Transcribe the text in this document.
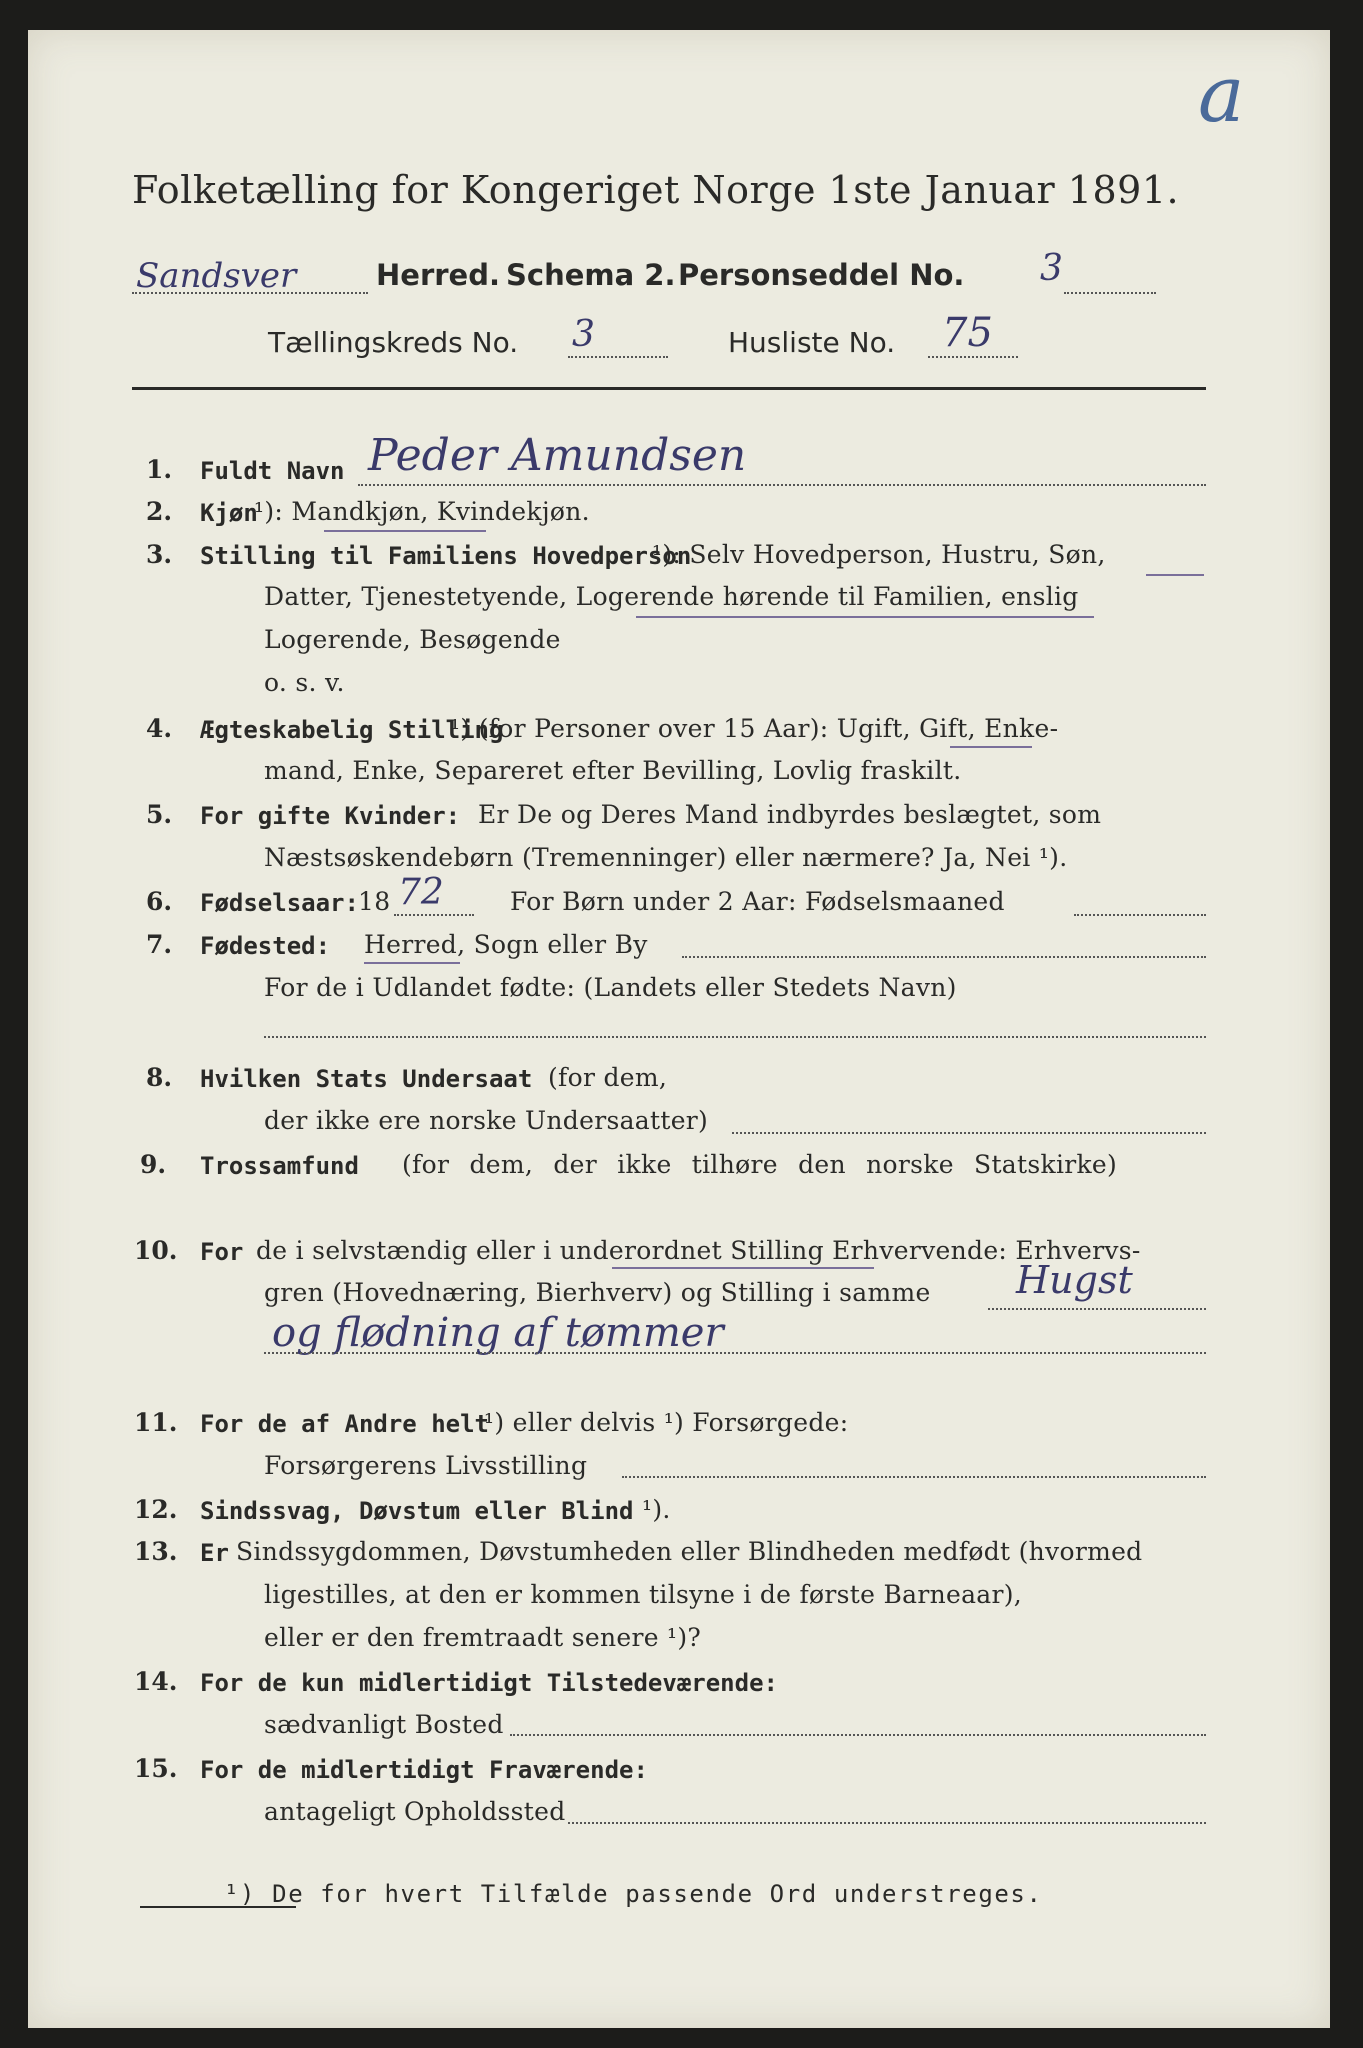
a
Folketælling for Kongeriget Norge 1ste Januar 1891.
Sandsver	Herred. Schema 2. Personseddel No. 3
Tællingskreds No. 3	Husliste No. 75
1. Fuldt Navn Peder Amundsen
2. Kjøn
¹): Mandkjøn, Kvindekjøn.
3. Stilling til Familiens Hovedperson
¹): Selv Hovedperson, Hustru, Søn,
Datter, Tjenestetyende, Logerende hørende til Familien, enslig
Logerende, Besøgende
o. s. v.
4. Ægteskabelig Stilling
¹) (for Personer over 15 Aar): Ugift, Gift, Enke-
mand, Enke, Separeret efter Bevilling, Lovlig fraskilt.
5. For gifte Kvinder: Er De og Deres Mand indbyrdes beslægtet, som
Næstsøskendebørn (Tremenninger) eller nærmere? Ja, Nei ¹).
6. Fødselsaar: 18 72	For Børn under 2 Aar: Fødselsmaaned
7. Fødested: Herred, Sogn eller By
For de i Udlandet fødte: (Landets eller Stedets Navn)
8. Hvilken Stats Undersaat (for dem,
der ikke ere norske Undersaatter)
9. Trossamfund (for dem, der ikke tilhøre den norske Statskirke)
10. For de i selvstændig eller i underordnet Stilling Erhvervende: Erhvervs-
gren (Hovednæring, Bierhverv) og Stilling i samme Hugst
og flødning af tømmer
11. For de af Andre helt
¹) eller delvis ¹) Forsørgede:
Forsørgerens Livsstilling
12. Sindssvag, Døvstum eller Blind ¹).
13. Er Sindssygdommen, Døvstumheden eller Blindheden medfødt (hvormed
ligestilles, at den er kommen tilsyne i de første Barneaar),
eller er den fremtraadt senere ¹)?
14. For de kun midlertidigt Tilstedeværende:
sædvanligt Bosted
15. For de midlertidigt Fraværende:
antageligt Opholdssted
¹) De for hvert Tilfælde passende Ord understreges.
